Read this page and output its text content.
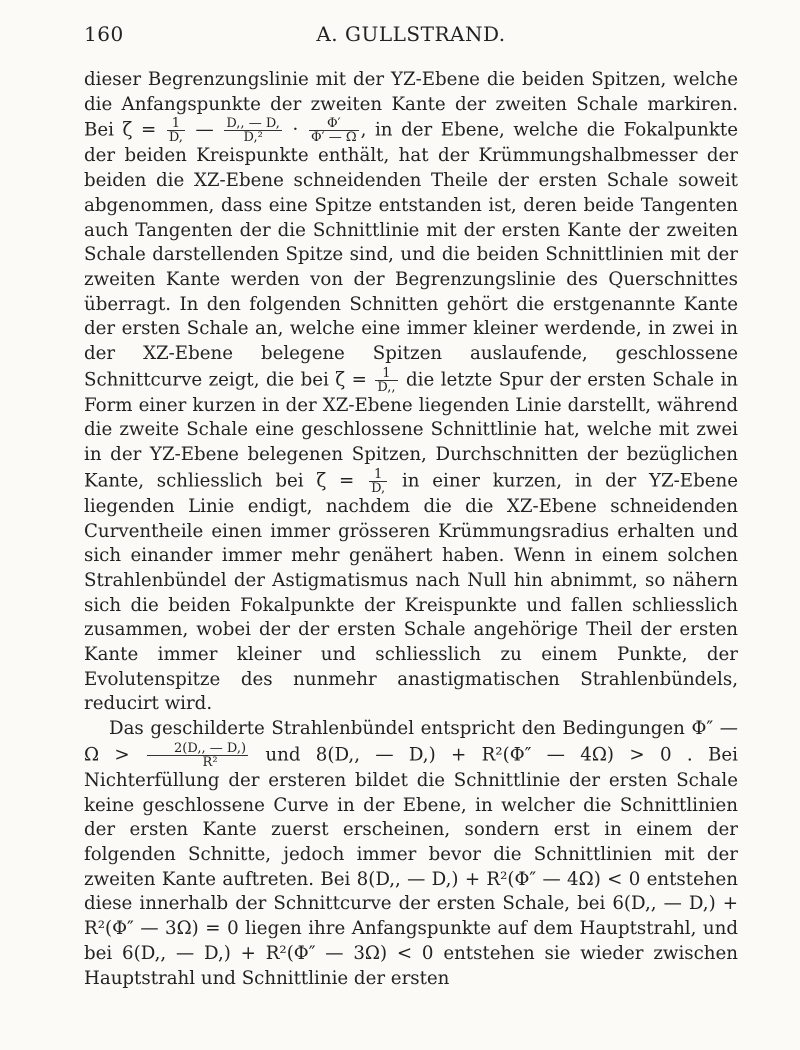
160	A. GULLSTRAND.

dieser Begrenzungslinie mit der YZ-Ebene die beiden Spitzen, welche die Anfangspunkte der zweiten Kante der zweiten Schale markiren. Bei $\zeta = \frac{1}{D,}$ — $\frac{D,, — D,}{\text{D,²}} \cdot \frac{\Phi'}{\Phi' — \Omega}$ , in der Ebene, welche die Fokalpunkte der beiden Kreispunkte enthält, hat der Krümmungshalbmesser der beiden die XZ-Ebene schneidenden Theile der ersten Schale soweit abgenommen, dass eine Spitze entstanden ist, deren beide Tangenten auch Tangenten der die Schnittlinie mit der ersten Kante der zweiten Schale darstellenden Spitze sind, und die beiden Schnittlinien mit der zweiten Kante werden von der Begrenzungslinie des Querschnittes überragt. In den folgenden Schnitten gehört die erstgenannte Kante der ersten Schale an, welche eine immer kleiner werdende, in zwei in der XZ-Ebene belegene Spitzen auslaufende, geschlossene Schnittcurve zeigt, die bei $\zeta = \frac{1}{D,,}$ die letzte Spur der ersten Schale in Form einer kurzen in der XZ-Ebene liegenden Linie darstellt, während die zweite Schale eine geschlossene Schnittlinie hat, welche mit zwei in der YZ-Ebene belegenen Spitzen, Durchschnitten der bezüglichen Kante, schliesslich bei $\zeta = \frac{1}{D,}$ in einer kurzen, in der YZ-Ebene liegenden Linie endigt, nachdem die die XZ-Ebene schneidenden Curventheile einen immer grösseren Krümmungsradius erhalten und sich einander immer mehr genähert haben. Wenn in einem solchen Strahlenbündel der Astigmatismus nach Null hin abnimmt, so nähern sich die beiden Fokalpunkte der Kreispunkte und fallen schliesslich zusammen, wobei der der ersten Schale angehörige Theil der ersten Kante immer kleiner und schliesslich zu einem Punkte, der Evolutenspitze des nunmehr anastigmatischen Strahlenbündels, reducirt wird.

Das geschilderte Strahlenbündel entspricht den Bedingungen Φ″ — $\Omega > \frac{2(D,, — D,)}{\text{R²}}$ und 8(D,, — D,) + R²(Φ″ — 4Ω) > 0 . Bei Nichterfüllung der ersteren bildet die Schnittlinie der ersten Schale keine geschlossene Curve in der Ebene, in welcher die Schnittlinien der ersten Kante zuerst erscheinen, sondern erst in einem der folgenden Schnitte, jedoch immer bevor die Schnittlinien mit der zweiten Kante auftreten. Bei 8(D,, — D,) + R²(Φ″ — 4Ω) < 0 entstehen diese innerhalb der Schnittcurve der ersten Schale, bei 6(D,, — D,) + R²(Φ″ — 3Ω) = 0 liegen ihre Anfangspunkte auf dem Hauptstrahl, und bei 6(D,, — D,) + R²(Φ″ — 3Ω) < 0 entstehen sie wieder zwischen Hauptstrahl und Schnittlinie der ersten
